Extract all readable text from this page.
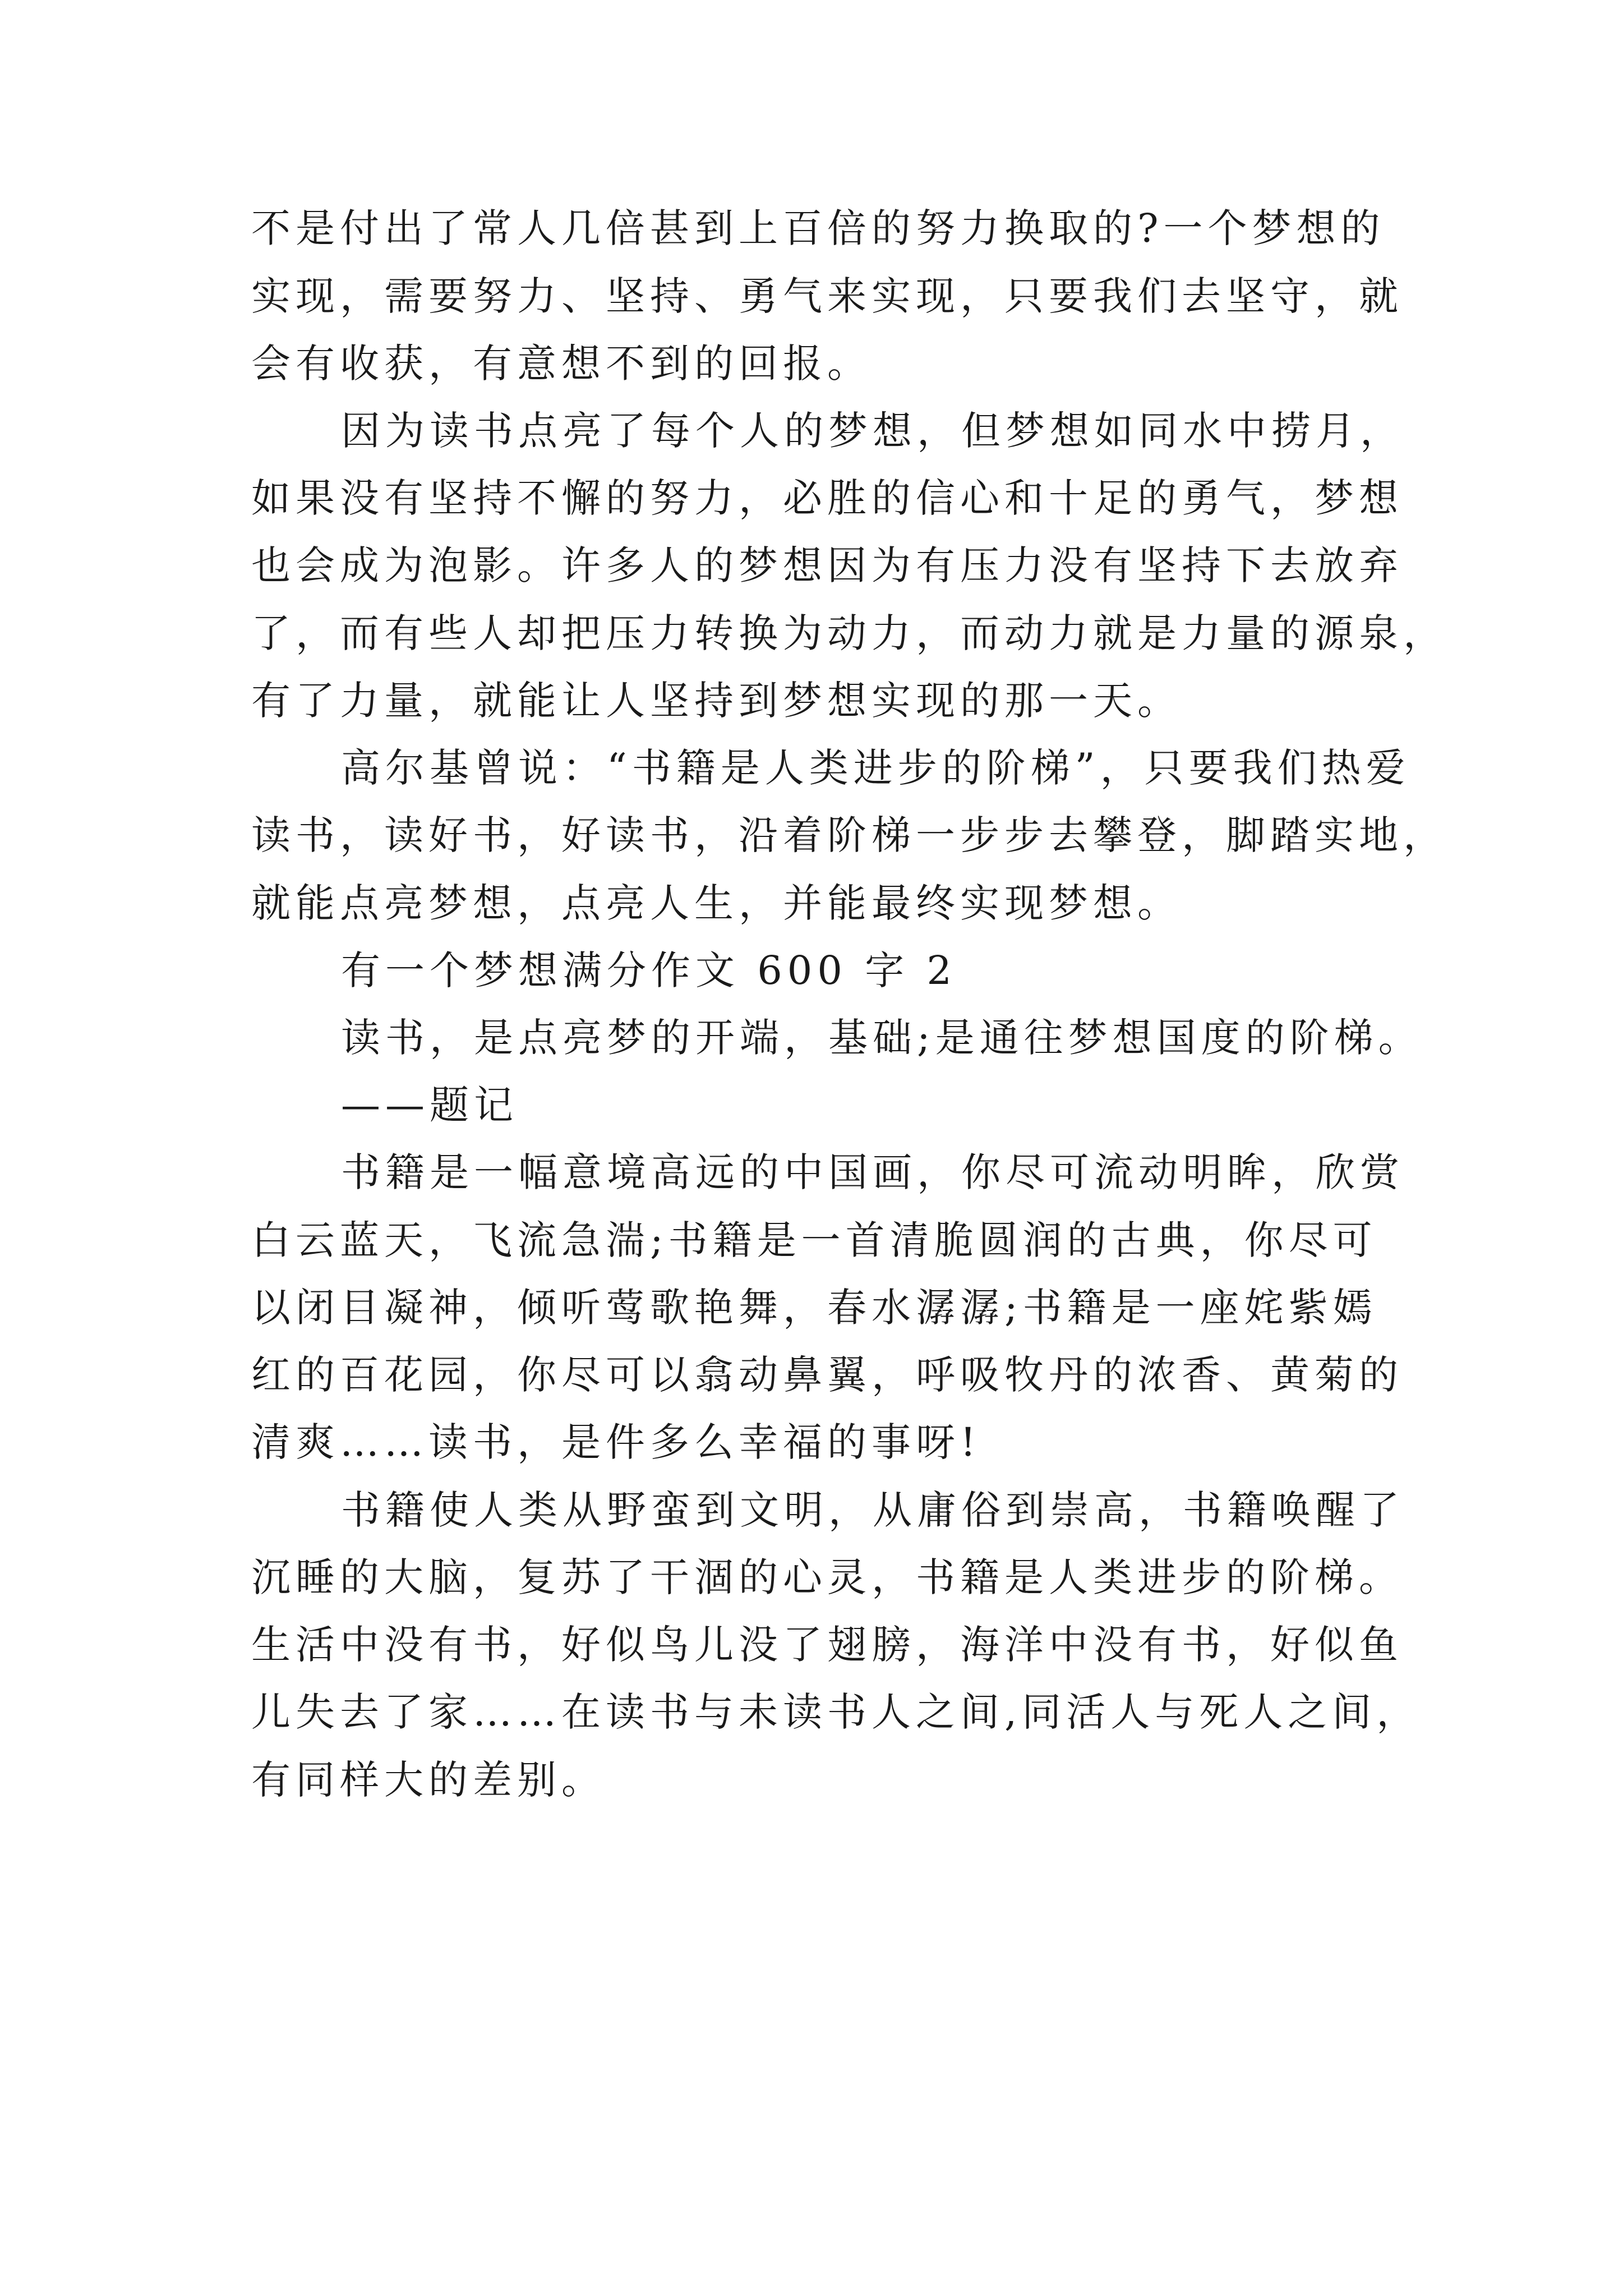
不是付出了常人几倍甚到上百倍的努力换取的?一个梦想的
实现，需要努力、坚持、勇气来实现，只要我们去坚守，就
会有收获，有意想不到的回报。
因为读书点亮了每个人的梦想，但梦想如同水中捞月，
如果没有坚持不懈的努力，必胜的信心和十足的勇气，梦想
也会成为泡影。许多人的梦想因为有压力没有坚持下去放弃
了，而有些人却把压力转换为动力，而动力就是力量的源泉，
有了力量，就能让人坚持到梦想实现的那一天。
高尔基曾说：“书籍是人类进步的阶梯”，只要我们热爱
读书，读好书，好读书，沿着阶梯一步步去攀登，脚踏实地，
就能点亮梦想，点亮人生，并能最终实现梦想。
有一个梦想满分作文 600 字 2
读书，是点亮梦的开端，基础;是通往梦想国度的阶梯。
——题记
书籍是一幅意境高远的中国画，你尽可流动明眸，欣赏
白云蓝天，飞流急湍;书籍是一首清脆圆润的古典，你尽可
以闭目凝神，倾听莺歌艳舞，春水潺潺;书籍是一座姹紫嫣
红的百花园，你尽可以翕动鼻翼，呼吸牧丹的浓香、黄菊的
清爽……读书，是件多么幸福的事呀!
书籍使人类从野蛮到文明，从庸俗到崇高，书籍唤醒了
沉睡的大脑，复苏了干涸的心灵，书籍是人类进步的阶梯。
生活中没有书，好似鸟儿没了翅膀，海洋中没有书，好似鱼
儿失去了家……在读书与未读书人之间,同活人与死人之间，
有同样大的差别。
